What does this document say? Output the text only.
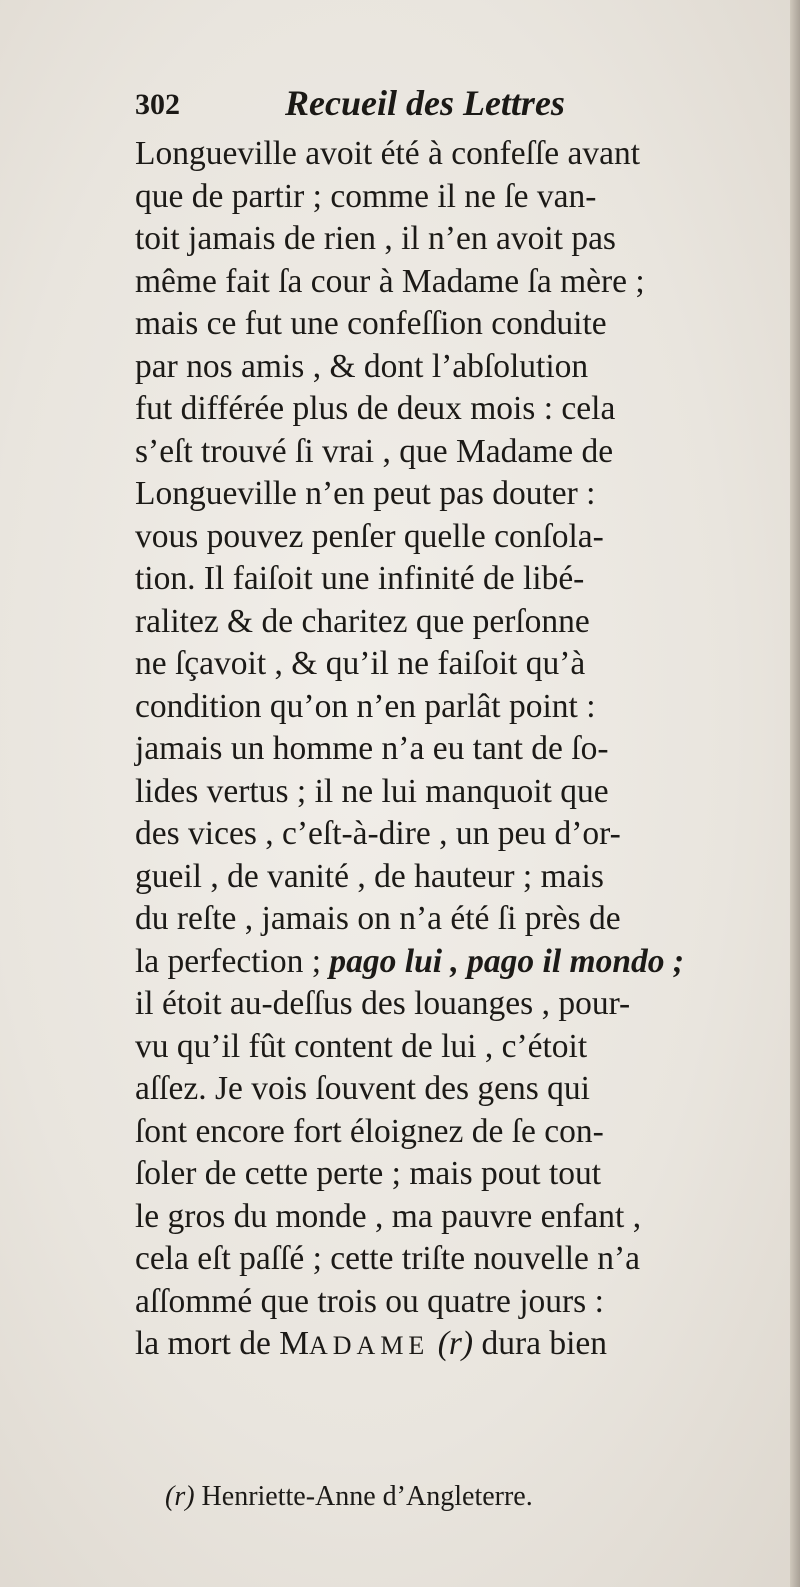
302	Recueil des Lettres
Longueville avoit été à confeſſe avant
que de partir ; comme il ne ſe van-
toit jamais de rien , il n’en avoit pas
même fait ſa cour à Madame ſa mère ;
mais ce fut une confeſſion conduite
par nos amis , & dont l’abſolution
fut différée plus de deux mois : cela
s’eſt trouvé ſi vrai , que Madame de
Longueville n’en peut pas douter :
vous pouvez penſer quelle conſola-
tion. Il faiſoit une infinité de libé-
ralitez & de charitez que perſonne
ne ſçavoit , & qu’il ne faiſoit qu’à
condition qu’on n’en parlât point :
jamais un homme n’a eu tant de ſo-
lides vertus ; il ne lui manquoit que
des vices , c’eſt-à-dire , un peu d’or-
gueil , de vanité , de hauteur ; mais
du reſte , jamais on n’a été ſi près de
la perfection ; pago lui , pago il mondo ;
il étoit au-deſſus des louanges , pour-
vu qu’il fût content de lui , c’étoit
aſſez. Je vois ſouvent des gens qui
ſont encore fort éloignez de ſe con-
ſoler de cette perte ; mais pout tout
le gros du monde , ma pauvre enfant ,
cela eſt paſſé ; cette triſte nouvelle n’a
aſſommé que trois ou quatre jours :
la mort de MADAME (r) dura bien
(r) Henriette-Anne d’Angleterre.
